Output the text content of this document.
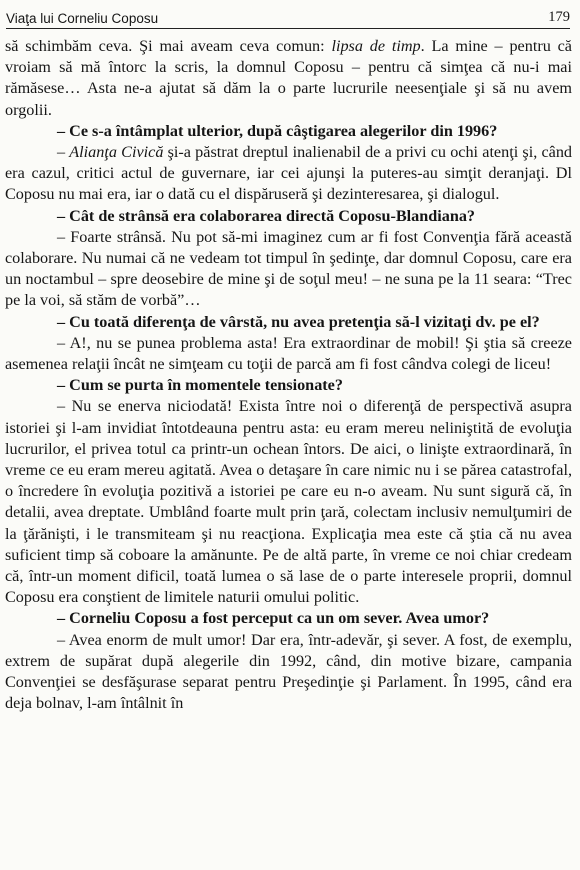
Viaţa lui Corneliu Coposu	179

să schimbăm ceva. Şi mai aveam ceva comun: lipsa de timp. La mine – pentru că vroiam să mă întorc la scris, la domnul Coposu – pentru că simţea că nu-i mai rămăsese… Asta ne-a ajutat să dăm la o parte lucrurile neesenţiale şi să nu avem orgolii.

– Ce s-a întâmplat ulterior, după câştigarea alegerilor din 1996?

– Alianţa Civică şi-a păstrat dreptul inalienabil de a privi cu ochi atenţi şi, când era cazul, critici actul de guvernare, iar cei ajunşi la puteres-au simţit deranjaţi. Dl Coposu nu mai era, iar o dată cu el dispăruseră şi dezinteresarea, şi dialogul.

– Cât de strânsă era colaborarea directă Coposu-Blandiana?

– Foarte strânsă. Nu pot să-mi imaginez cum ar fi fost Convenţia fără această colaborare. Nu numai că ne vedeam tot timpul în şedinţe, dar domnul Coposu, care era un noctambul – spre deosebire de mine şi de soţul meu! – ne suna pe la 11 seara: “Trec pe la voi, să stăm de vorbă”…

– Cu toată diferenţa de vârstă, nu avea pretenţia să-l vizitaţi dv. pe el?

– A!, nu se punea problema asta! Era extraordinar de mobil! Şi ştia să creeze asemenea relaţii încât ne simţeam cu toţii de parcă am fi fost cândva colegi de liceu!

– Cum se purta în momentele tensionate?

– Nu se enerva niciodată! Exista între noi o diferenţă de perspectivă asupra istoriei şi l-am invidiat întotdeauna pentru asta: eu eram mereu neliniştită de evoluţia lucrurilor, el privea totul ca printr-un ochean întors. De aici, o linişte extraordinară, în vreme ce eu eram mereu agitată. Avea o detaşare în care nimic nu i se părea catastrofal, o încredere în evoluţia pozitivă a istoriei pe care eu n-o aveam. Nu sunt sigură că, în detalii, avea dreptate. Umblând foarte mult prin ţară, colectam inclusiv nemulţumiri de la ţărănişti, i le transmiteam şi nu reacţiona. Explicaţia mea este că ştia că nu avea suficient timp să coboare la amănunte. Pe de altă parte, în vreme ce noi chiar credeam că, într-un moment dificil, toată lumea o să lase de o parte interesele proprii, domnul Coposu era conştient de limitele naturii omului politic.

– Corneliu Coposu a fost perceput ca un om sever. Avea umor?

– Avea enorm de mult umor! Dar era, într-adevăr, şi sever. A fost, de exemplu, extrem de supărat după alegerile din 1992, când, din motive bizare, campania Convenţiei se desfăşurase separat pentru Preşedinţie şi Parlament. În 1995, când era deja bolnav, l-am întâlnit în
